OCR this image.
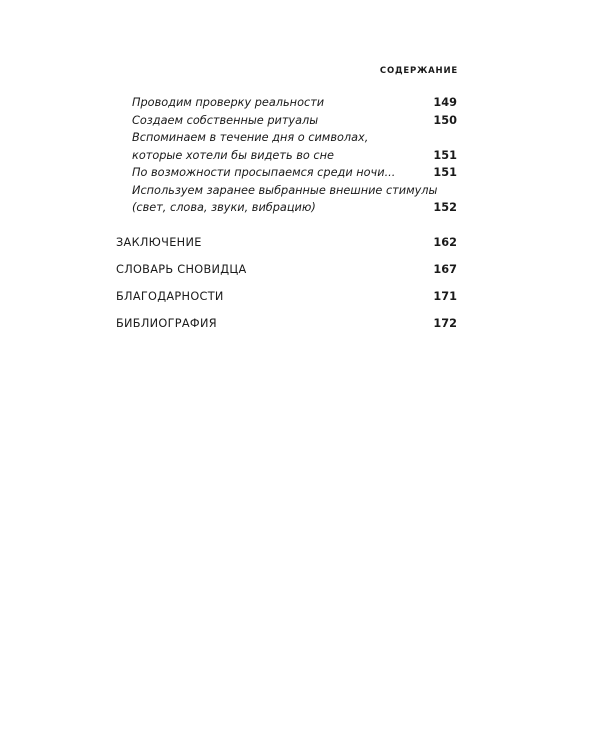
СОДЕРЖАНИЕ
Проводим проверку реальности	149
Создаем собственные ритуалы	150
Вспоминаем в течение дня о символах,
которые хотели бы видеть во сне	151
По возможности просыпаемся среди ночи...	151
Используем заранее выбранные внешние стимулы
(свет, слова, звуки, вибрацию)	152
ЗАКЛЮЧЕНИЕ	162
СЛОВАРЬ СНОВИДЦА	167
БЛАГОДАРНОСТИ	171
БИБЛИОГРАФИЯ	172
